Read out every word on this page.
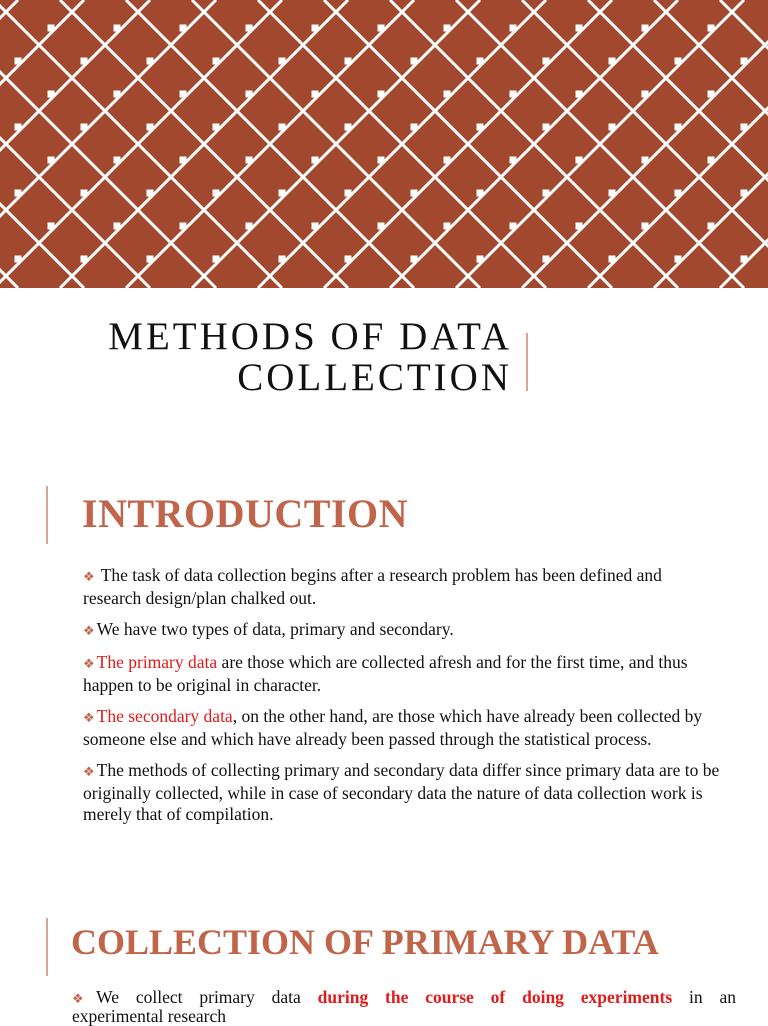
METHODS OF DATA
COLLECTION
INTRODUCTION
❖ The task of data collection begins after a research problem has been defined and research design/plan chalked out.
❖ We have two types of data, primary and secondary.
❖ The primary data are those which are collected afresh and for the first time, and thus happen to be original in character.
❖ The secondary data, on the other hand, are those which have already been collected by someone else and which have already been passed through the statistical process.
❖ The methods of collecting primary and secondary data differ since primary data are to be originally collected, while in case of secondary data the nature of data collection work is merely that of compilation.
COLLECTION OF PRIMARY DATA
❖We collect primary data during the course of doing experiments in an
experimental research
